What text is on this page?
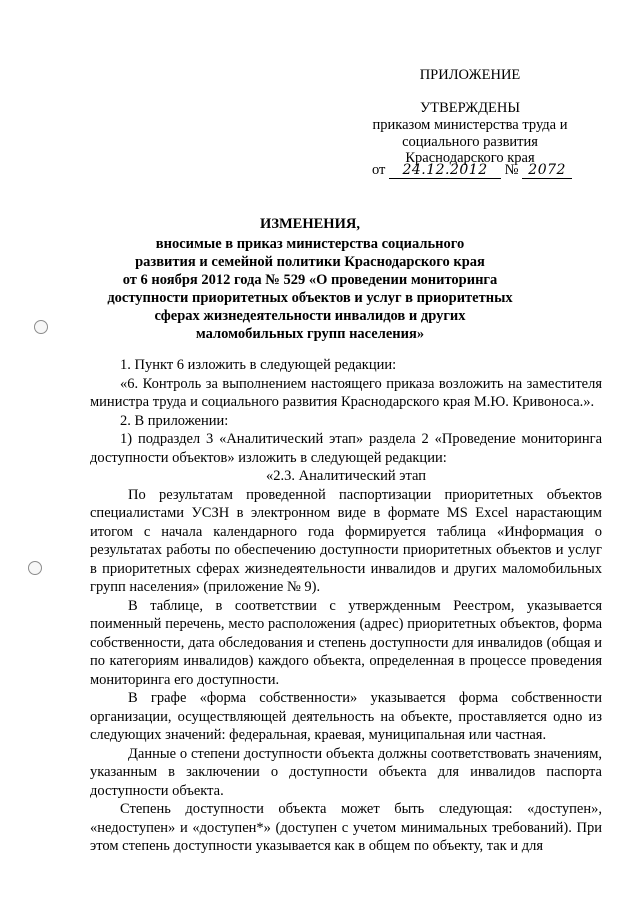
ПРИЛОЖЕНИЕ
УТВЕРЖДЕНЫ
приказом министерства труда и
социального развития
Краснодарского края
от 24.12.2012 № 2072
ИЗМЕНЕНИЯ,
вносимые в приказ министерства социального
развития и семейной политики Краснодарского края
от 6 ноября 2012 года № 529 «О проведении мониторинга
доступности приоритетных объектов и услуг в приоритетных
сферах жизнедеятельности инвалидов и других
маломобильных групп населения»

1. Пункт 6 изложить в следующей редакции:

«6. Контроль за выполнением настоящего приказа возложить на заместителя министра труда и социального развития Краснодарского края М.Ю. Кривоноса.».

2. В приложении:

1) подраздел 3 «Аналитический этап» раздела 2 «Проведение мониторинга доступности объектов» изложить в следующей редакции:

«2.3. Аналитический этап

По результатам проведенной паспортизации приоритетных объектов специалистами УСЗН в электронном виде в формате MS Excel нарастающим итогом с начала календарного года формируется таблица «Информация о результатах работы по обеспечению доступности приоритетных объектов и услуг в приоритетных сферах жизнедеятельности инвалидов и других маломобильных групп населения» (приложение № 9).

В таблице, в соответствии с утвержденным Реестром, указывается поименный перечень, место расположения (адрес) приоритетных объектов, форма собственности, дата обследования и степень доступности для инвалидов (общая и по категориям инвалидов) каждого объекта, определенная в процессе проведения мониторинга его доступности.

В графе «форма собственности» указывается форма собственности организации, осуществляющей деятельность на объекте, проставляется одно из следующих значений: федеральная, краевая, муниципальная или частная.

Данные о степени доступности объекта должны соответствовать значениям, указанным в заключении о доступности объекта для инвалидов паспорта доступности объекта.

Степень доступности объекта может быть следующая: «доступен», «недоступен» и «доступен*» (доступен с учетом минимальных требований). При этом степень доступности указывается как в общем по объекту, так и для
